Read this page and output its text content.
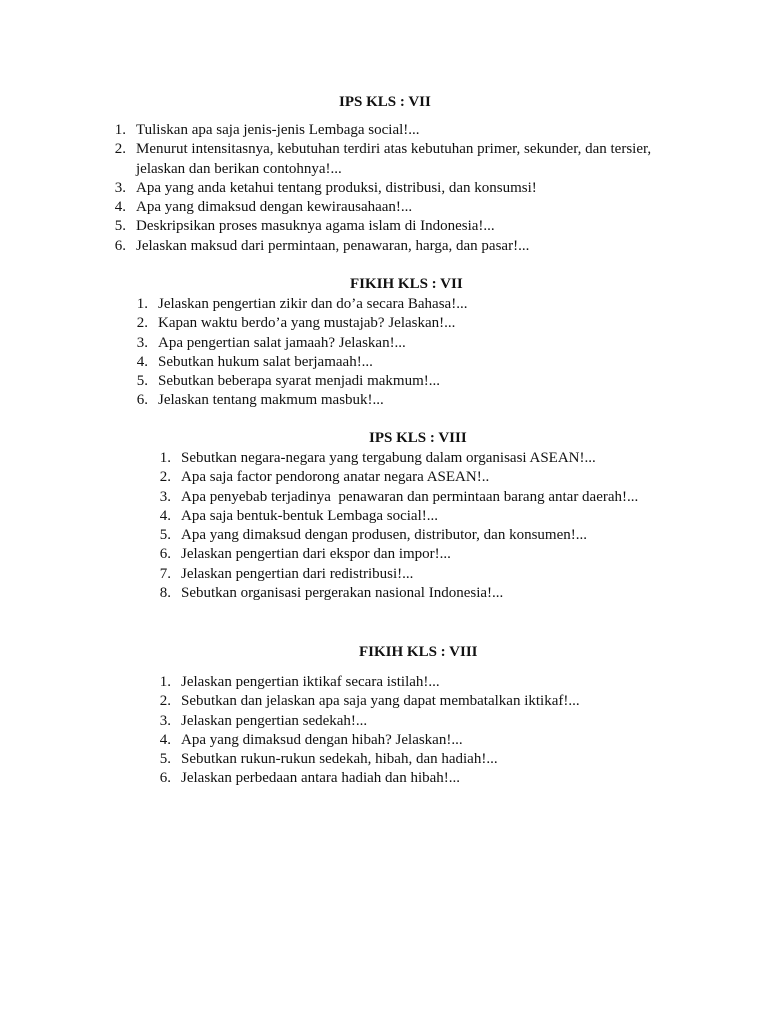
IPS KLS : VII
1. Tuliskan apa saja jenis-jenis Lembaga social!...
2. Menurut intensitasnya, kebutuhan terdiri atas kebutuhan primer, sekunder, dan tersier, jelaskan dan berikan contohnya!...
3. Apa yang anda ketahui tentang produksi, distribusi, dan konsumsi!
4. Apa yang dimaksud dengan kewirausahaan!...
5. Deskripsikan proses masuknya agama islam di Indonesia!...
6. Jelaskan maksud dari permintaan, penawaran, harga, dan pasar!...
FIKIH KLS : VII
1. Jelaskan pengertian zikir dan do’a secara Bahasa!...
2. Kapan waktu berdo’a yang mustajab? Jelaskan!...
3. Apa pengertian salat jamaah? Jelaskan!...
4. Sebutkan hukum salat berjamaah!...
5. Sebutkan beberapa syarat menjadi makmum!...
6. Jelaskan tentang makmum masbuk!...
IPS KLS : VIII
1. Sebutkan negara-negara yang tergabung dalam organisasi ASEAN!...
2. Apa saja factor pendorong anatar negara ASEAN!..
3. Apa penyebab terjadinya  penawaran dan permintaan barang antar daerah!...
4. Apa saja bentuk-bentuk Lembaga social!...
5. Apa yang dimaksud dengan produsen, distributor, dan konsumen!...
6. Jelaskan pengertian dari ekspor dan impor!...
7. Jelaskan pengertian dari redistribusi!...
8. Sebutkan organisasi pergerakan nasional Indonesia!...
FIKIH KLS : VIII
1. Jelaskan pengertian iktikaf secara istilah!...
2. Sebutkan dan jelaskan apa saja yang dapat membatalkan iktikaf!...
3. Jelaskan pengertian sedekah!...
4. Apa yang dimaksud dengan hibah? Jelaskan!...
5. Sebutkan rukun-rukun sedekah, hibah, dan hadiah!...
6. Jelaskan perbedaan antara hadiah dan hibah!...
